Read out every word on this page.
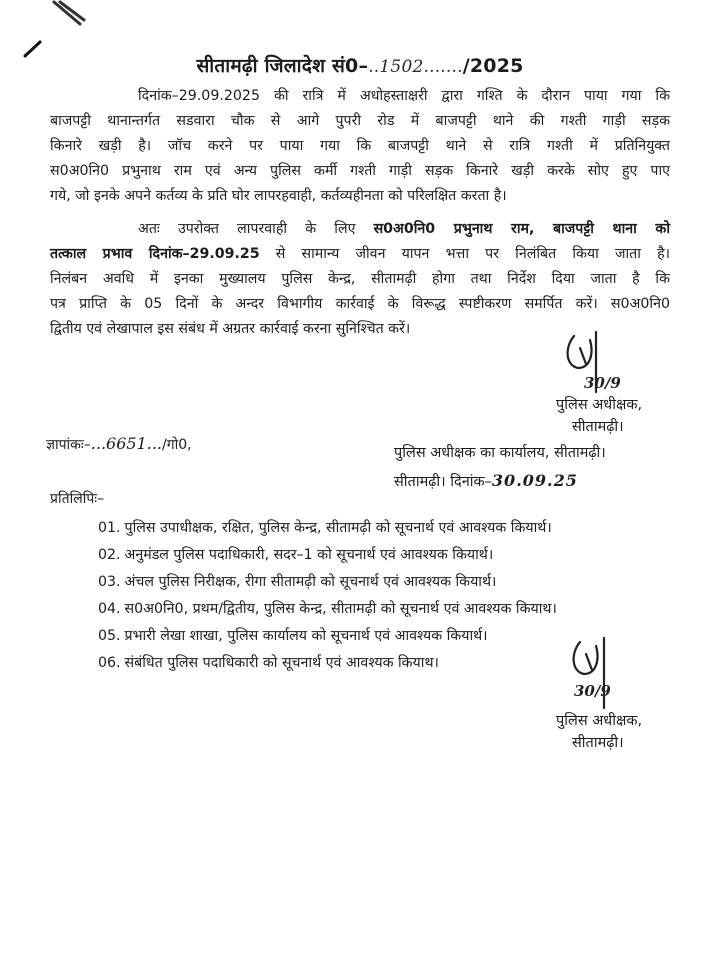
सीतामढ़ी जिलादेश सं0–..1502......./2025
दिनांक–29.09.2025 की रात्रि में अधोहस्ताक्षरी द्वारा गश्ति के दौरान पाया गया कि
बाजपट्टी थानान्तर्गत सडवारा चौक से आगे पुपरी रोड में बाजपट्टी थाने की गश्ती गाड़ी सड़क
किनारे खड़ी है। जॉच करने पर पाया गया कि बाजपट्टी थाने से रात्रि गश्ती में प्रतिनियुक्त
स0अ0नि0 प्रभुनाथ राम एवं अन्य पुलिस कर्मी गश्ती गाड़ी सड़क किनारे खड़ी करके सोए हुए पाए
गये, जो इनके अपने कर्तव्य के प्रति घोर लापरहवाही, कर्तव्यहीनता को परिलक्षित करता है।
अतः उपरोक्त लापरवाही के लिए स0अ0नि0 प्रभुनाथ राम, बाजपट्टी थाना को
तत्काल प्रभाव दिनांक–29.09.25 से सामान्य जीवन यापन भत्ता पर निलंबित किया जाता है।
निलंबन अवधि में इनका मुख्यालय पुलिस केन्द्र, सीतामढ़ी होगा तथा निर्देश दिया जाता है कि
पत्र प्राप्ति के 05 दिनों के अन्दर विभागीय कार्रवाई के विरूद्ध स्पष्टीकरण समर्पित करें। स0अ0नि0
द्वितीय एवं लेखापाल इस संबंध में अग्रतर कार्रवाई करना सुनिश्चित करें।
30/9
पुलिस अधीक्षक,
सीतामढ़ी।
ज्ञापांकः–...6651.../गो0,	पुलिस अधीक्षक का कार्यालय, सीतामढ़ी।
सीतामढ़ी। दिनांक–30.09.25
प्रतिलिपिः–
01. पुलिस उपाधीक्षक, रक्षित, पुलिस केन्द्र, सीतामढ़ी को सूचनार्थ एवं आवश्यक कियार्थ।
02. अनुमंडल पुलिस पदाधिकारी, सदर–1 को सूचनार्थ एवं आवश्यक कियार्थ।
03. अंचल पुलिस निरीक्षक, रीगा सीतामढ़ी को सूचनार्थ एवं आवश्यक कियार्थ।
04. स0अ0नि0, प्रथम/द्वितीय, पुलिस केन्द्र, सीतामढ़ी को सूचनार्थ एवं आवश्यक कियाथ।
05. प्रभारी लेखा शाखा, पुलिस कार्यालय को सूचनार्थ एवं आवश्यक कियार्थ।
06. संबंधित पुलिस पदाधिकारी को सूचनार्थ एवं आवश्यक कियाथ।
30/9
पुलिस अधीक्षक,
सीतामढ़ी।
